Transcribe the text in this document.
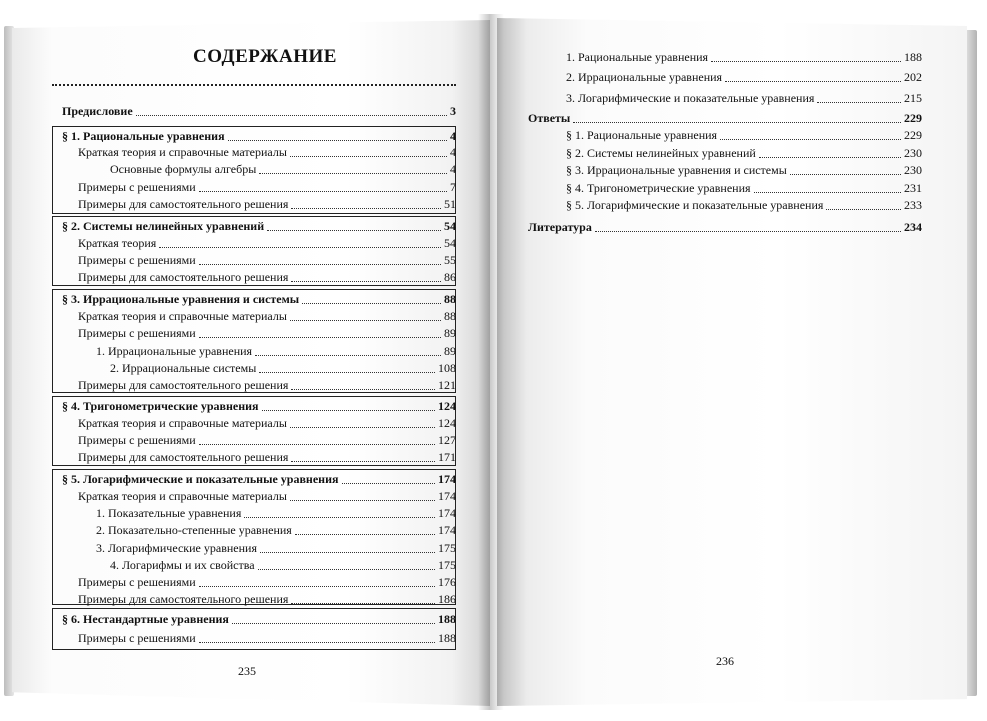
СОДЕРЖАНИЕ
Предисловие	3
§ 1. Рациональные уравнения	4
Краткая теория и справочные материалы	4
Основные формулы алгебры	4
Примеры с решениями	7
Примеры для самостоятельного решения	51
§ 2. Системы нелинейных уравнений	54
Краткая теория	54
Примеры с решениями	55
Примеры для самостоятельного решения	86
§ 3. Иррациональные уравнения и системы	88
Краткая теория и справочные материалы	88
Примеры с решениями	89
1. Иррациональные уравнения	89
2. Иррациональные системы	108
Примеры для самостоятельного решения	121
§ 4. Тригонометрические уравнения	124
Краткая теория и справочные материалы	124
Примеры с решениями	127
Примеры для самостоятельного решения	171
§ 5. Логарифмические и показательные уравнения	174
Краткая теория и справочные материалы	174
1. Показательные уравнения	174
2. Показательно-степенные уравнения	174
3. Логарифмические уравнения	175
4. Логарифмы и их свойства	175
Примеры с решениями	176
Примеры для самостоятельного решения	186
§ 6. Нестандартные уравнения	188
Примеры с решениями	188
235
1. Рациональные уравнения	188
2. Иррациональные уравнения	202
3. Логарифмические и показательные уравнения	215
Ответы	229
§ 1. Рациональные уравнения	229
§ 2. Системы нелинейных уравнений	230
§ 3. Иррациональные уравнения и системы	230
§ 4. Тригонометрические уравнения	231
§ 5. Логарифмические и показательные уравнения	233
Литература	234
236
